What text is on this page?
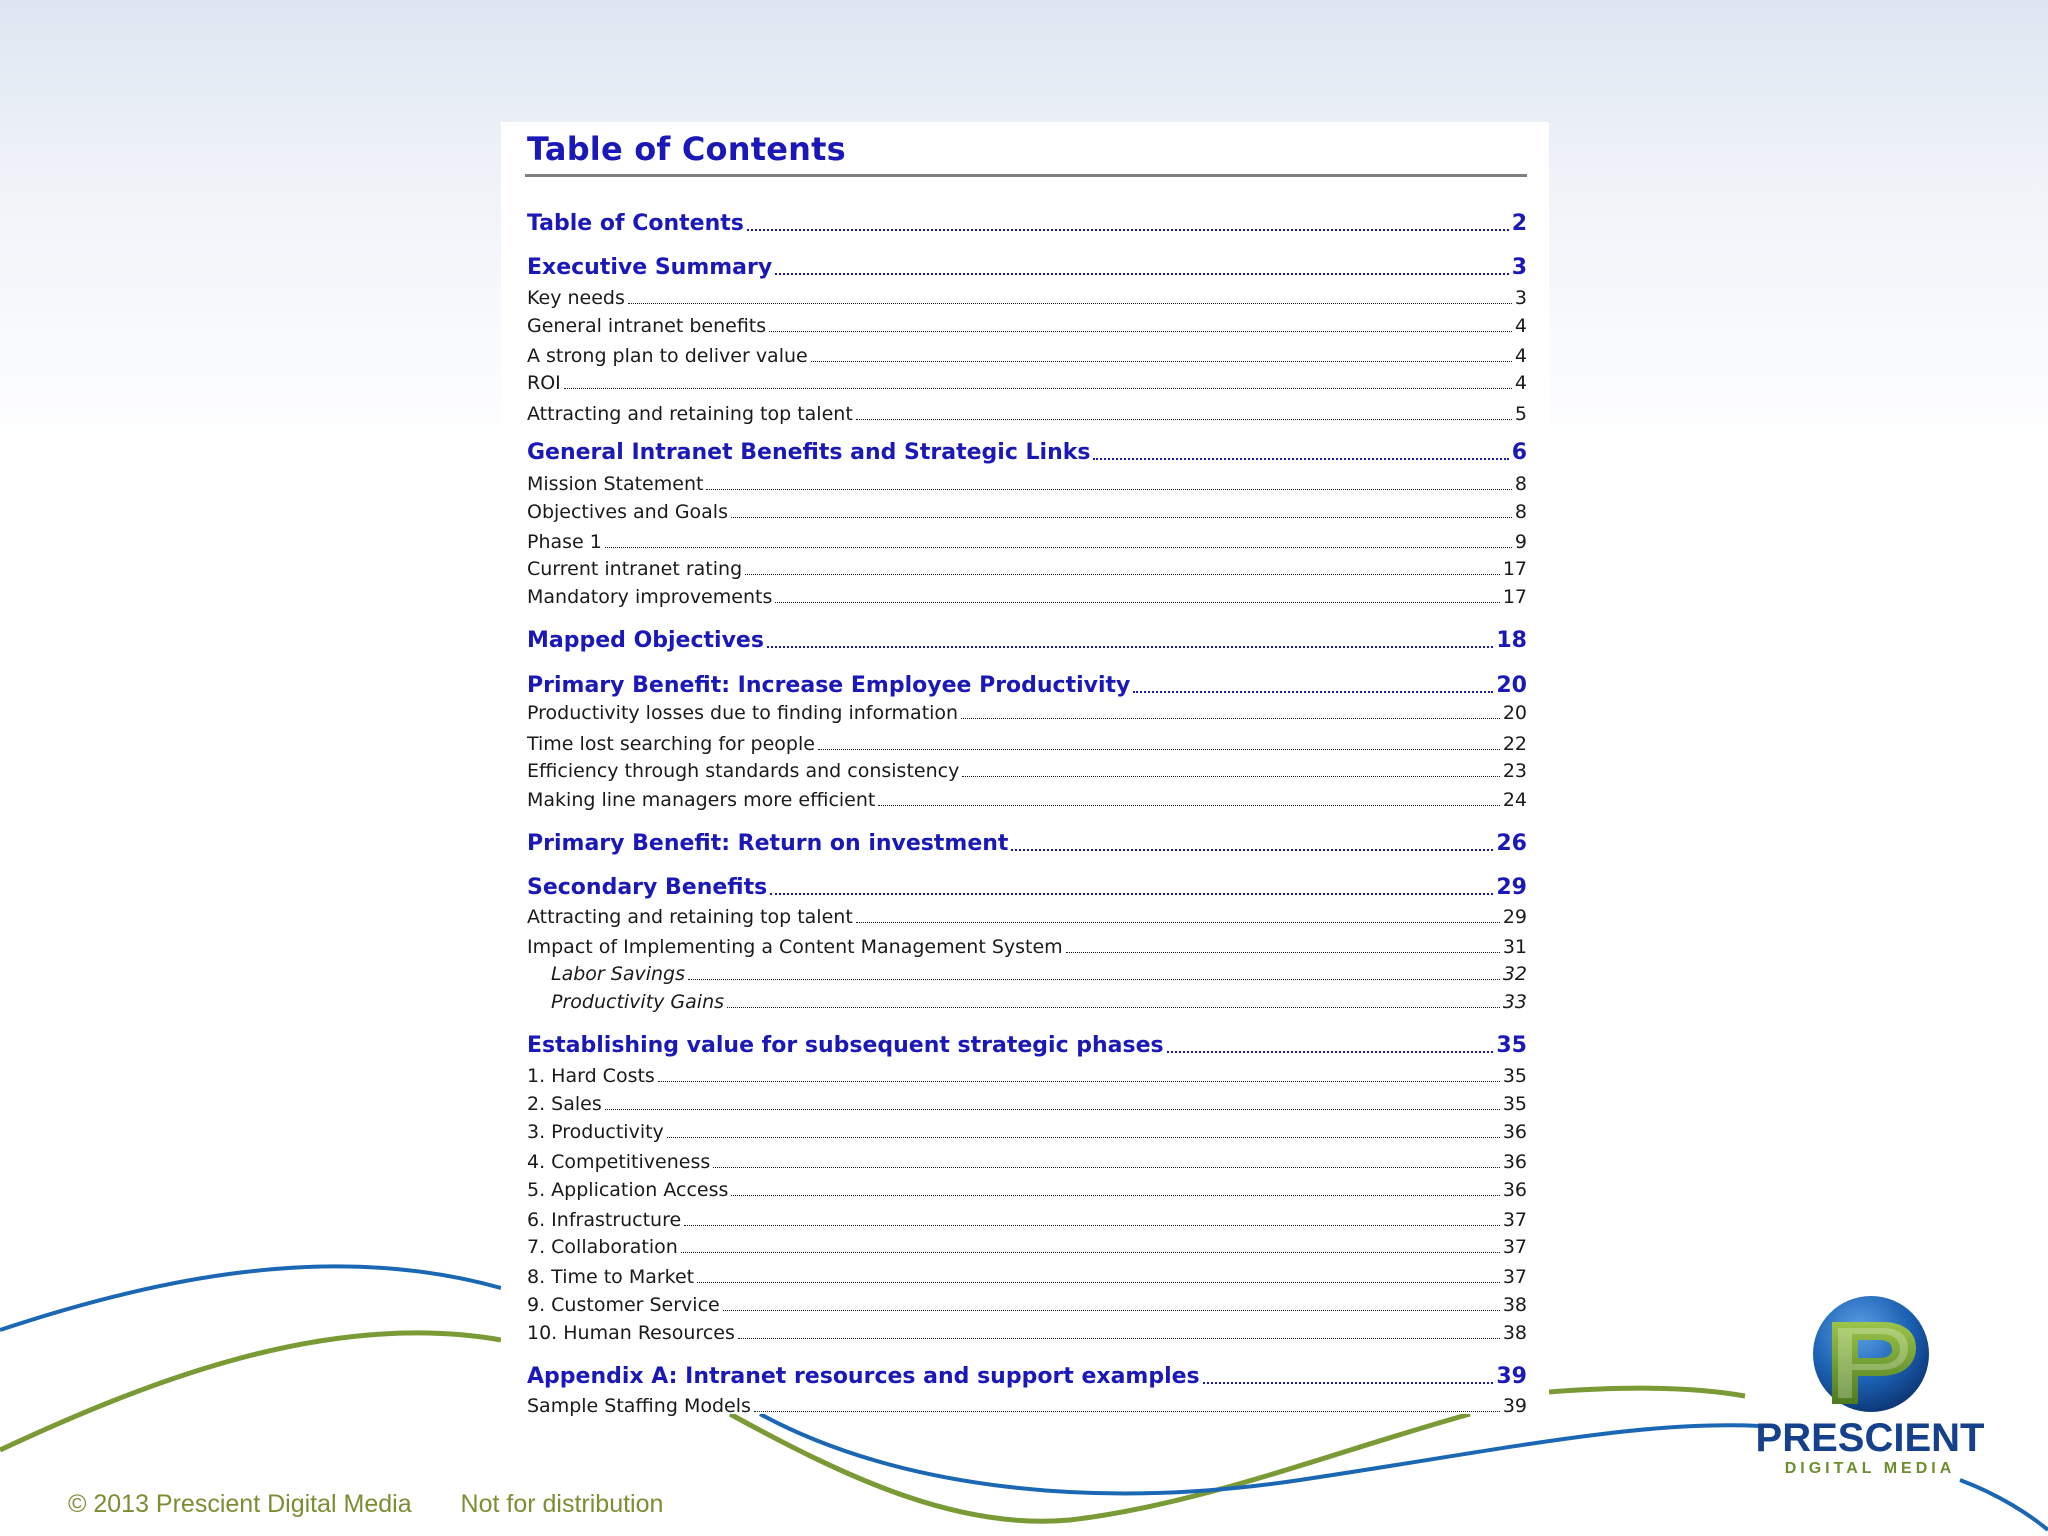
Table of Contents
Table of Contents	2
Executive Summary	3
Key needs	3
General intranet benefits	4
A strong plan to deliver value	4
ROI	4
Attracting and retaining top talent	5
General Intranet Benefits and Strategic Links	6
Mission Statement	8
Objectives and Goals	8
Phase 1	9
Current intranet rating	17
Mandatory improvements	17
Mapped Objectives	18
Primary Benefit: Increase Employee Productivity	20
Productivity losses due to finding information	20
Time lost searching for people	22
Efficiency through standards and consistency	23
Making line managers more efficient	24
Primary Benefit: Return on investment	26
Secondary Benefits	29
Attracting and retaining top talent	29
Impact of Implementing a Content Management System	31
Labor Savings	32
Productivity Gains	33
Establishing value for subsequent strategic phases	35
1. Hard Costs	35
2. Sales	35
3. Productivity	36
4. Competitiveness	36
5. Application Access	36
6. Infrastructure	37
7. Collaboration	37
8. Time to Market	37
9. Customer Service	38
10. Human Resources	38
Appendix A: Intranet resources and support examples	39
Sample Staffing Models	39
© 2013 Prescient Digital Media Not for distribution
PRESCIENT
DIGITAL MEDIA
